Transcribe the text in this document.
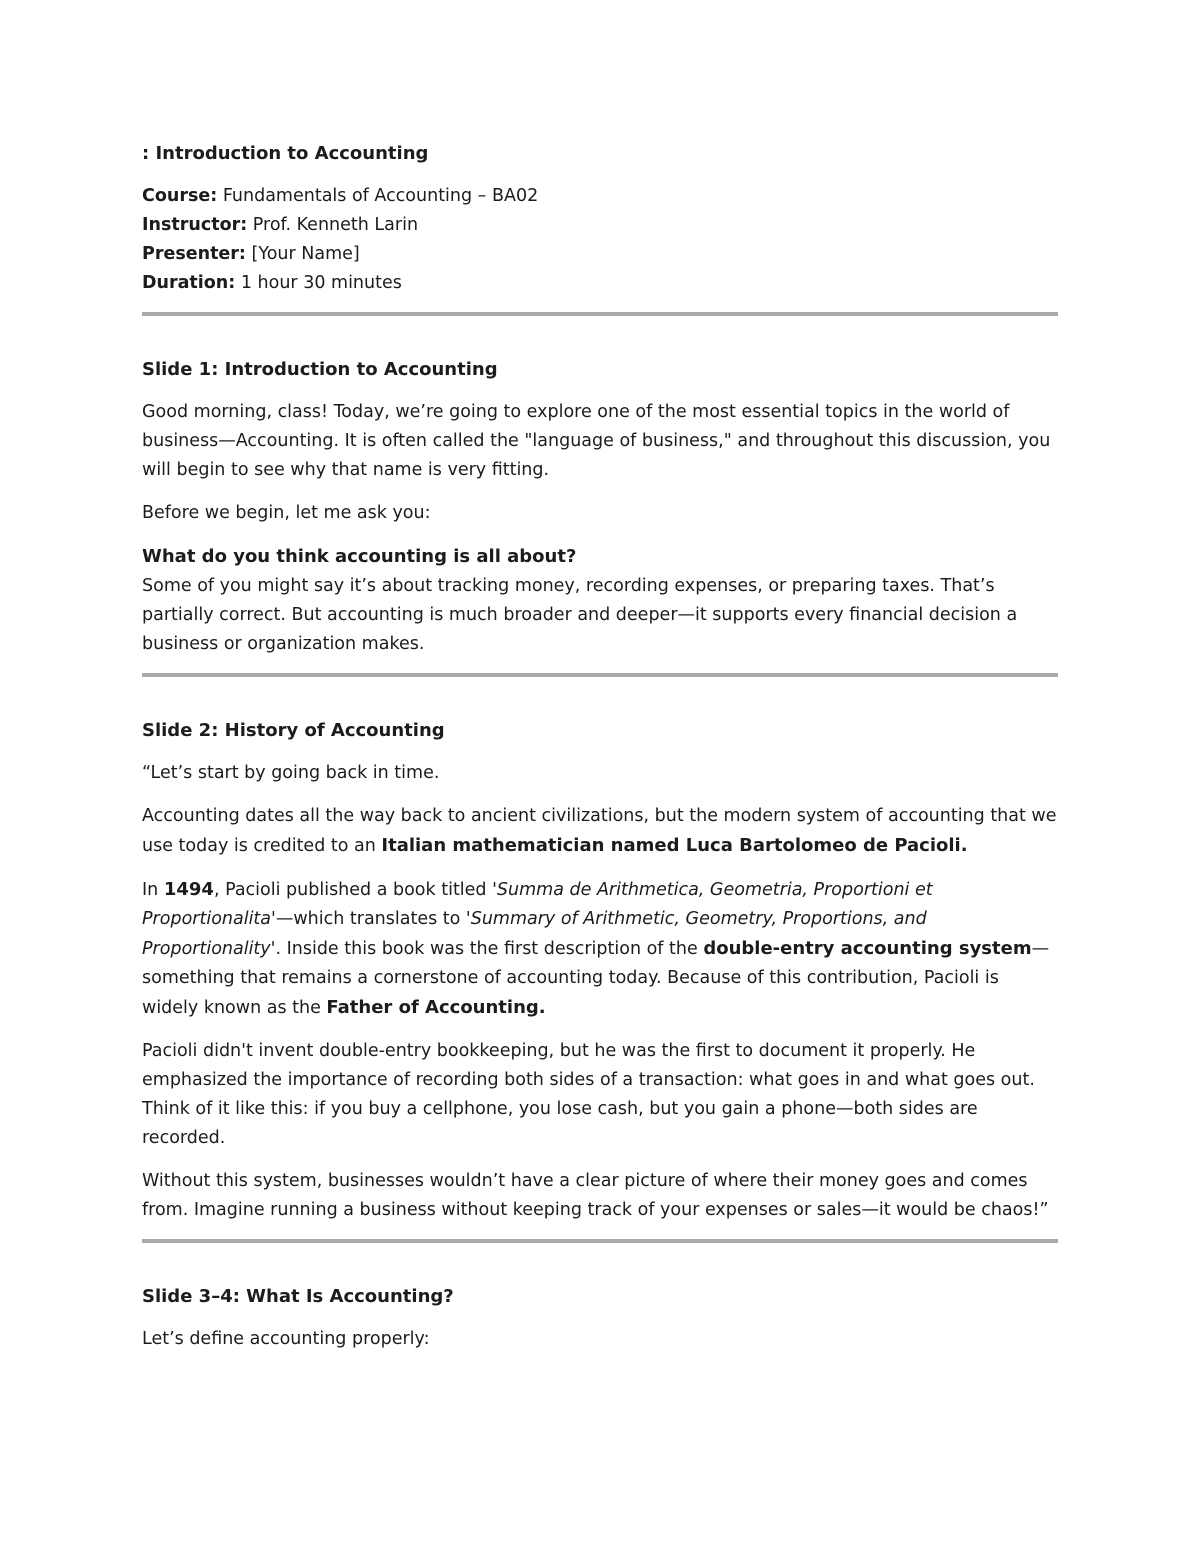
: Introduction to Accounting
Course: Fundamentals of Accounting – BA02
Instructor: Prof. Kenneth Larin
Presenter: [Your Name]
Duration: 1 hour 30 minutes
Slide 1: Introduction to Accounting

Good morning, class! Today, we’re going to explore one of the most essential topics in the world of business—Accounting. It is often called the "language of business," and throughout this discussion, you will begin to see why that name is very fitting.

Before we begin, let me ask you:

What do you think accounting is all about?

Some of you might say it’s about tracking money, recording expenses, or preparing taxes. That’s partially correct. But accounting is much broader and deeper—it supports every financial decision a business or organization makes.

Slide 2: History of Accounting

“Let’s start by going back in time.

Accounting dates all the way back to ancient civilizations, but the modern system of accounting that we use today is credited to an Italian mathematician named Luca Bartolomeo de Pacioli.

In 1494, Pacioli published a book titled 'Summa de Arithmetica, Geometria, Proportioni et Proportionalita'—which translates to 'Summary of Arithmetic, Geometry, Proportions, and Proportionality'. Inside this book was the first description of the double-entry accounting system—something that remains a cornerstone of accounting today. Because of this contribution, Pacioli is widely known as the Father of Accounting.

Pacioli didn't invent double-entry bookkeeping, but he was the first to document it properly. He emphasized the importance of recording both sides of a transaction: what goes in and what goes out. Think of it like this: if you buy a cellphone, you lose cash, but you gain a phone—both sides are recorded.

Without this system, businesses wouldn’t have a clear picture of where their money goes and comes from. Imagine running a business without keeping track of your expenses or sales—it would be chaos!”

Slide 3–4: What Is Accounting?

Let’s define accounting properly:
